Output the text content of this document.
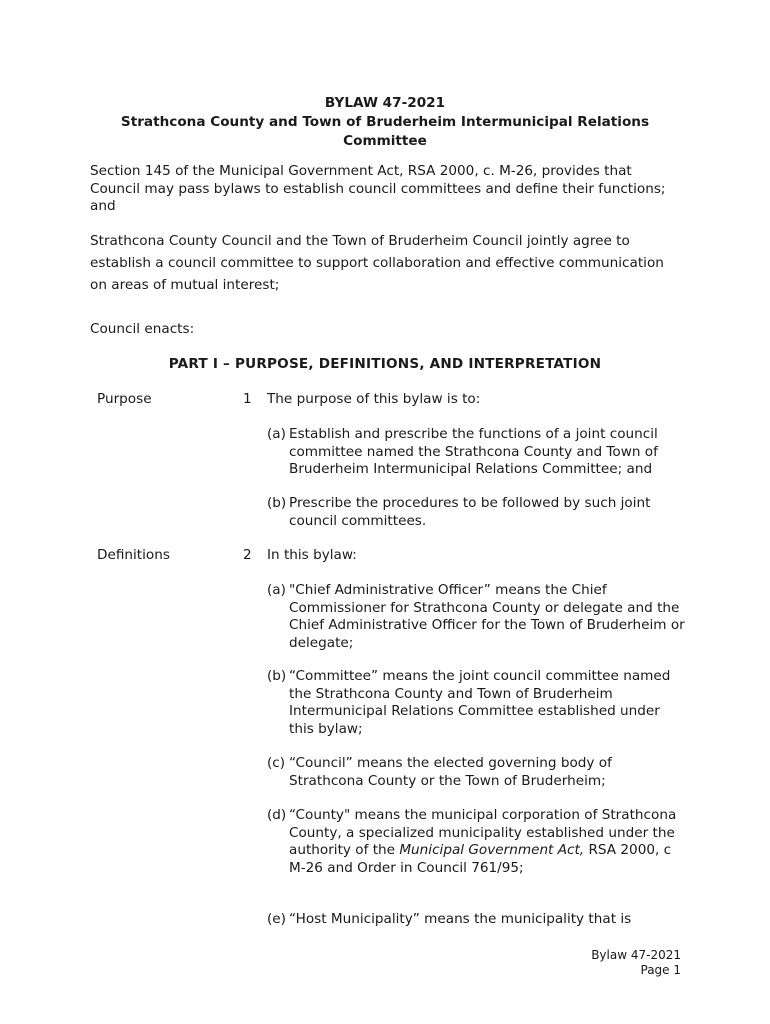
BYLAW 47-2021
Strathcona County and Town of Bruderheim Intermunicipal Relations
Committee
Section 145 of the Municipal Government Act, RSA 2000, c. M-26, provides that Council may pass bylaws to establish council committees and define their functions; and
Strathcona County Council and the Town of Bruderheim Council jointly agree to establish a council committee to support collaboration and effective communication on areas of mutual interest;
Council enacts:
PART I – PURPOSE, DEFINITIONS, AND INTERPRETATION
Purpose	1 The purpose of this bylaw is to:
(a) Establish and prescribe the functions of a joint council committee named the Strathcona County and Town of Bruderheim Intermunicipal Relations Committee; and
(b) Prescribe the procedures to be followed by such joint council committees.
Definitions	2 In this bylaw:
(a) "Chief Administrative Officer” means the Chief Commissioner for Strathcona County or delegate and the Chief Administrative Officer for the Town of Bruderheim or delegate;
(b) “Committee” means the joint council committee named the Strathcona County and Town of Bruderheim Intermunicipal Relations Committee established under this bylaw;
(c) “Council” means the elected governing body of Strathcona County or the Town of Bruderheim;
(d) “County" means the municipal corporation of Strathcona County, a specialized municipality established under the authority of the Municipal Government Act, RSA 2000, c M-26 and Order in Council 761/95;
(e) “Host Municipality” means the municipality that is
Bylaw 47-2021
Page 1
